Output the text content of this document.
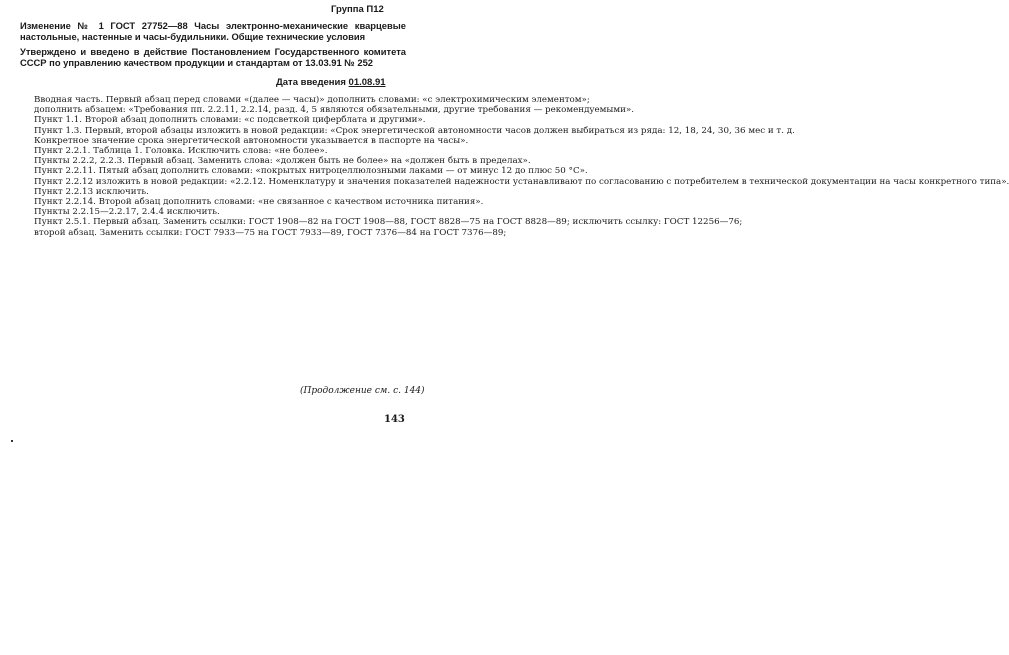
Группа П12
Изменение № 1 ГОСТ 27752—88 Часы электронно-механические кварцевые настольные, настенные и часы-будильники. Общие технические условия
Утверждено и введено в действие Постановлением Государственного комитета СССР по управлению качеством продукции и стандартам от 13.03.91 № 252
Дата введения 01.08.91

Вводная часть. Первый абзац перед словами «(далее — часы)» дополнить словами: «с электрохимическим элементом»;

дополнить абзацем: «Требования пп. 2.2.11, 2.2.14, разд. 4, 5 являются обязательными, другие требования — рекомендуемыми».

Пункт 1.1. Второй абзац дополнить словами: «с подсветкой циферблата и другими».

Пункт 1.3. Первый, второй абзацы изложить в новой редакции: «Срок энергетической автономности часов должен выбираться из ряда: 12, 18, 24, 30, 36 мес и т. д.

Конкретное значение срока энергетической автономности указывается в паспорте на часы».

Пункт 2.2.1. Таблица 1. Головка. Исключить слова: «не более».

Пункты 2.2.2, 2.2.3. Первый абзац. Заменить слова: «должен быть не более» на «должен быть в пределах».

Пункт 2.2.11. Пятый абзац дополнить словами: «покрытых нитроцеллюлозными лаками — от минус 12 до плюс 50 °С».

Пункт 2.2.12 изложить в новой редакции: «2.2.12. Номенклатуру и значения показателей надежности устанавливают по согласованию с потребителем в технической документации на часы конкретного типа».

Пункт 2.2.13 исключить.

Пункт 2.2.14. Второй абзац дополнить словами: «не связанное с качеством источника питания».

Пункты 2.2.15—2.2.17, 2.4.4 исключить.

Пункт 2.5.1. Первый абзац. Заменить ссылки: ГОСТ 1908—82 на ГОСТ 1908—88, ГОСТ 8828—75 на ГОСТ 8828—89; исключить ссылку: ГОСТ 12256—76;

второй абзац. Заменить ссылки: ГОСТ 7933—75 на ГОСТ 7933—89, ГОСТ 7376—84 на ГОСТ 7376—89;

(Продолжение см. с. 144)
143
